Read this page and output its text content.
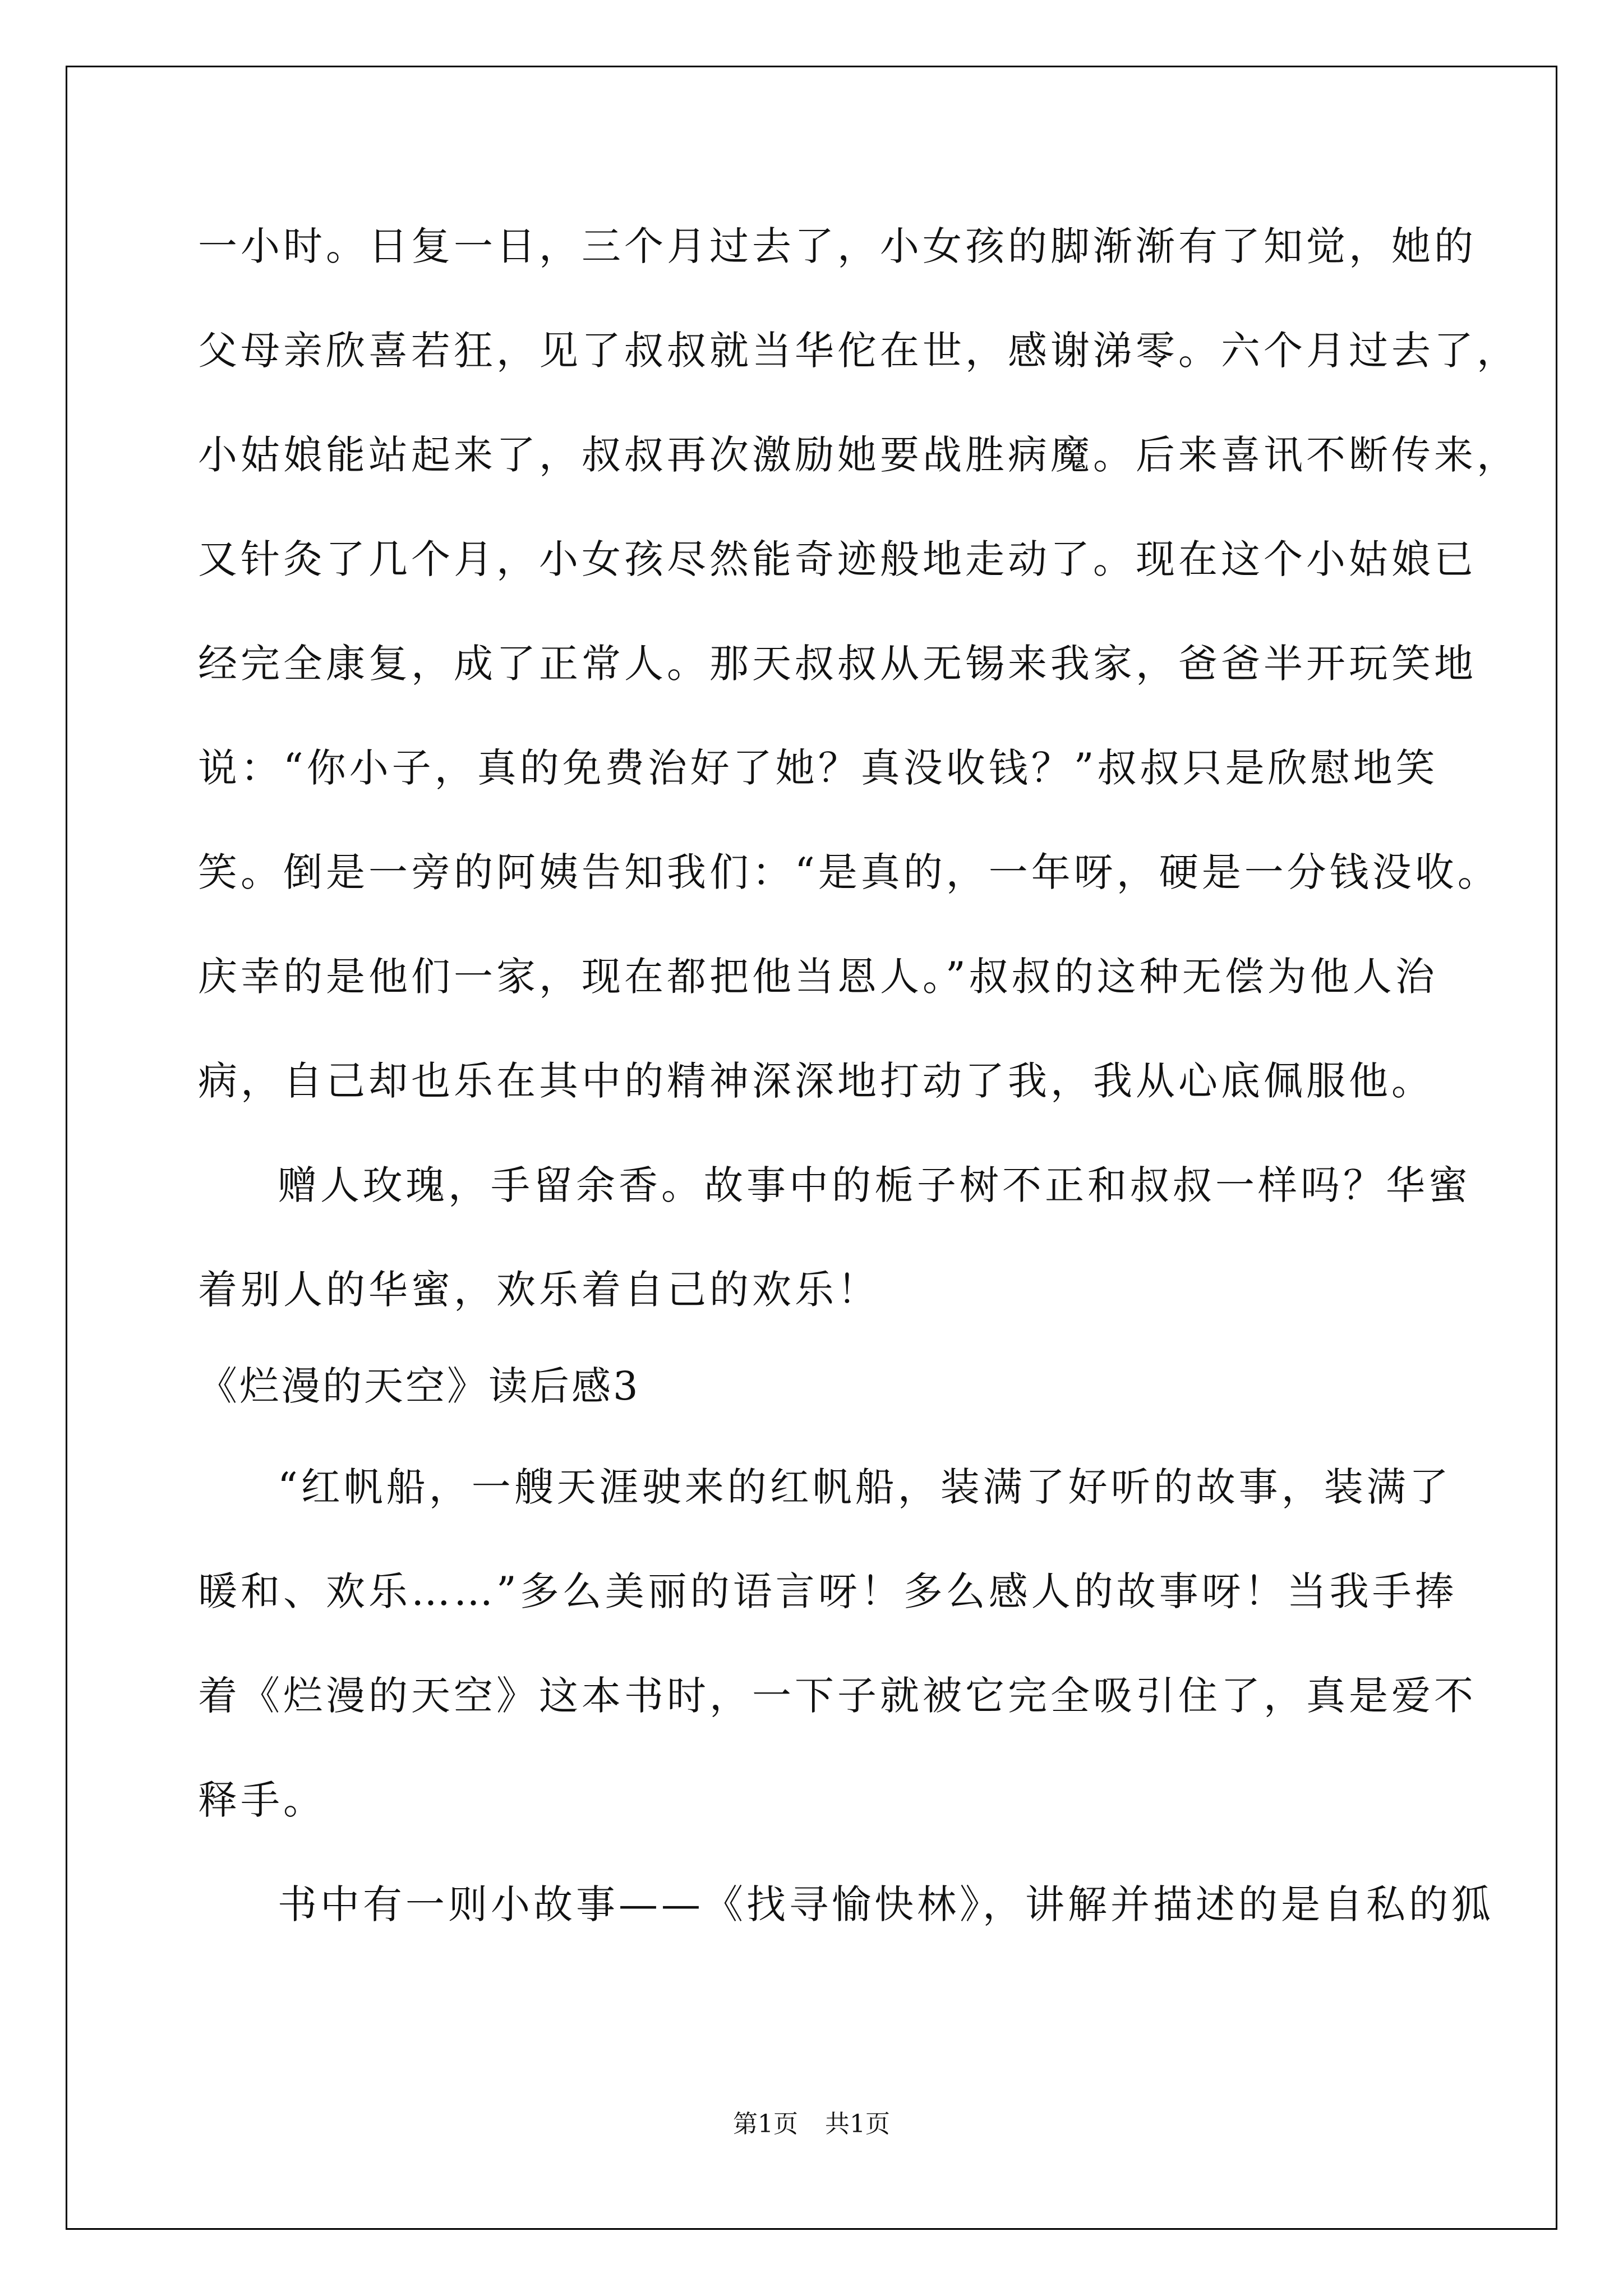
一小时。日复一日，三个月过去了，小女孩的脚渐渐有了知觉，她的
父母亲欣喜若狂，见了叔叔就当华佗在世，感谢涕零。六个月过去了，
小姑娘能站起来了，叔叔再次激励她要战胜病魔。后来喜讯不断传来，
又针灸了几个月，小女孩尽然能奇迹般地走动了。现在这个小姑娘已
经完全康复，成了正常人。那天叔叔从无锡来我家，爸爸半开玩笑地
说：“你小子，真的免费治好了她？真没收钱？”叔叔只是欣慰地笑
笑。倒是一旁的阿姨告知我们：“是真的，一年呀，硬是一分钱没收。
庆幸的是他们一家，现在都把他当恩人。”叔叔的这种无偿为他人治
病，自己却也乐在其中的精神深深地打动了我，我从心底佩服他。
赠人玫瑰，手留余香。故事中的栀子树不正和叔叔一样吗？华蜜
着别人的华蜜，欢乐着自己的欢乐！
《烂漫的天空》读后感3
“红帆船，一艘天涯驶来的红帆船，装满了好听的故事，装满了
暖和、欢乐……”多么美丽的语言呀！多么感人的故事呀！当我手捧
着《烂漫的天空》这本书时，一下子就被它完全吸引住了，真是爱不
释手。
书中有一则小故事——《找寻愉快林》，讲解并描述的是自私的狐
第1页 共1页
